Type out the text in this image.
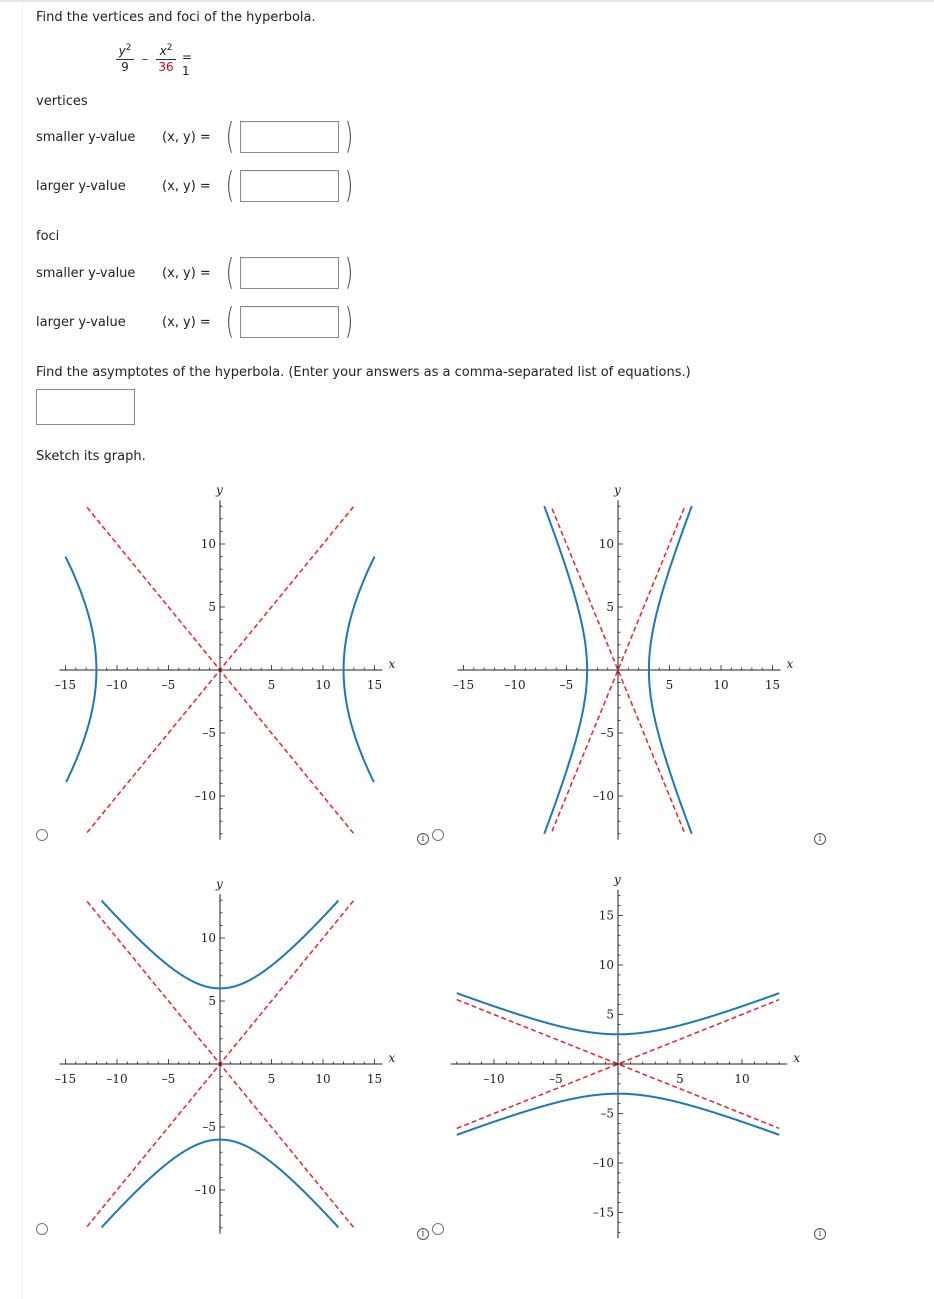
Find the vertices and foci of the hyperbola.
$y^2$
9
–
$x^2$
36
= 1
vertices
smaller y-value (x, y) = (	)
larger y-value	(x, y) = (	)
foci
smaller y-value (x, y) = (	)
larger y-value	(x, y) = (	)
Find the asymptotes of the hyperbola. (Enter your answers as a comma-separated list of equations.)
Sketch its graph.
–15	–10	–5	5	10	15
10
5
–5
–10
x
y
–15	–10	–5	5	10	15
10
5
–5
–10
x
y
–15	–10	–5	5	10	15
10
5
–5
–10
x
y
–10	–5	5	10
15
10
5
–5
–10
–15
x
y
i	i
i	i
